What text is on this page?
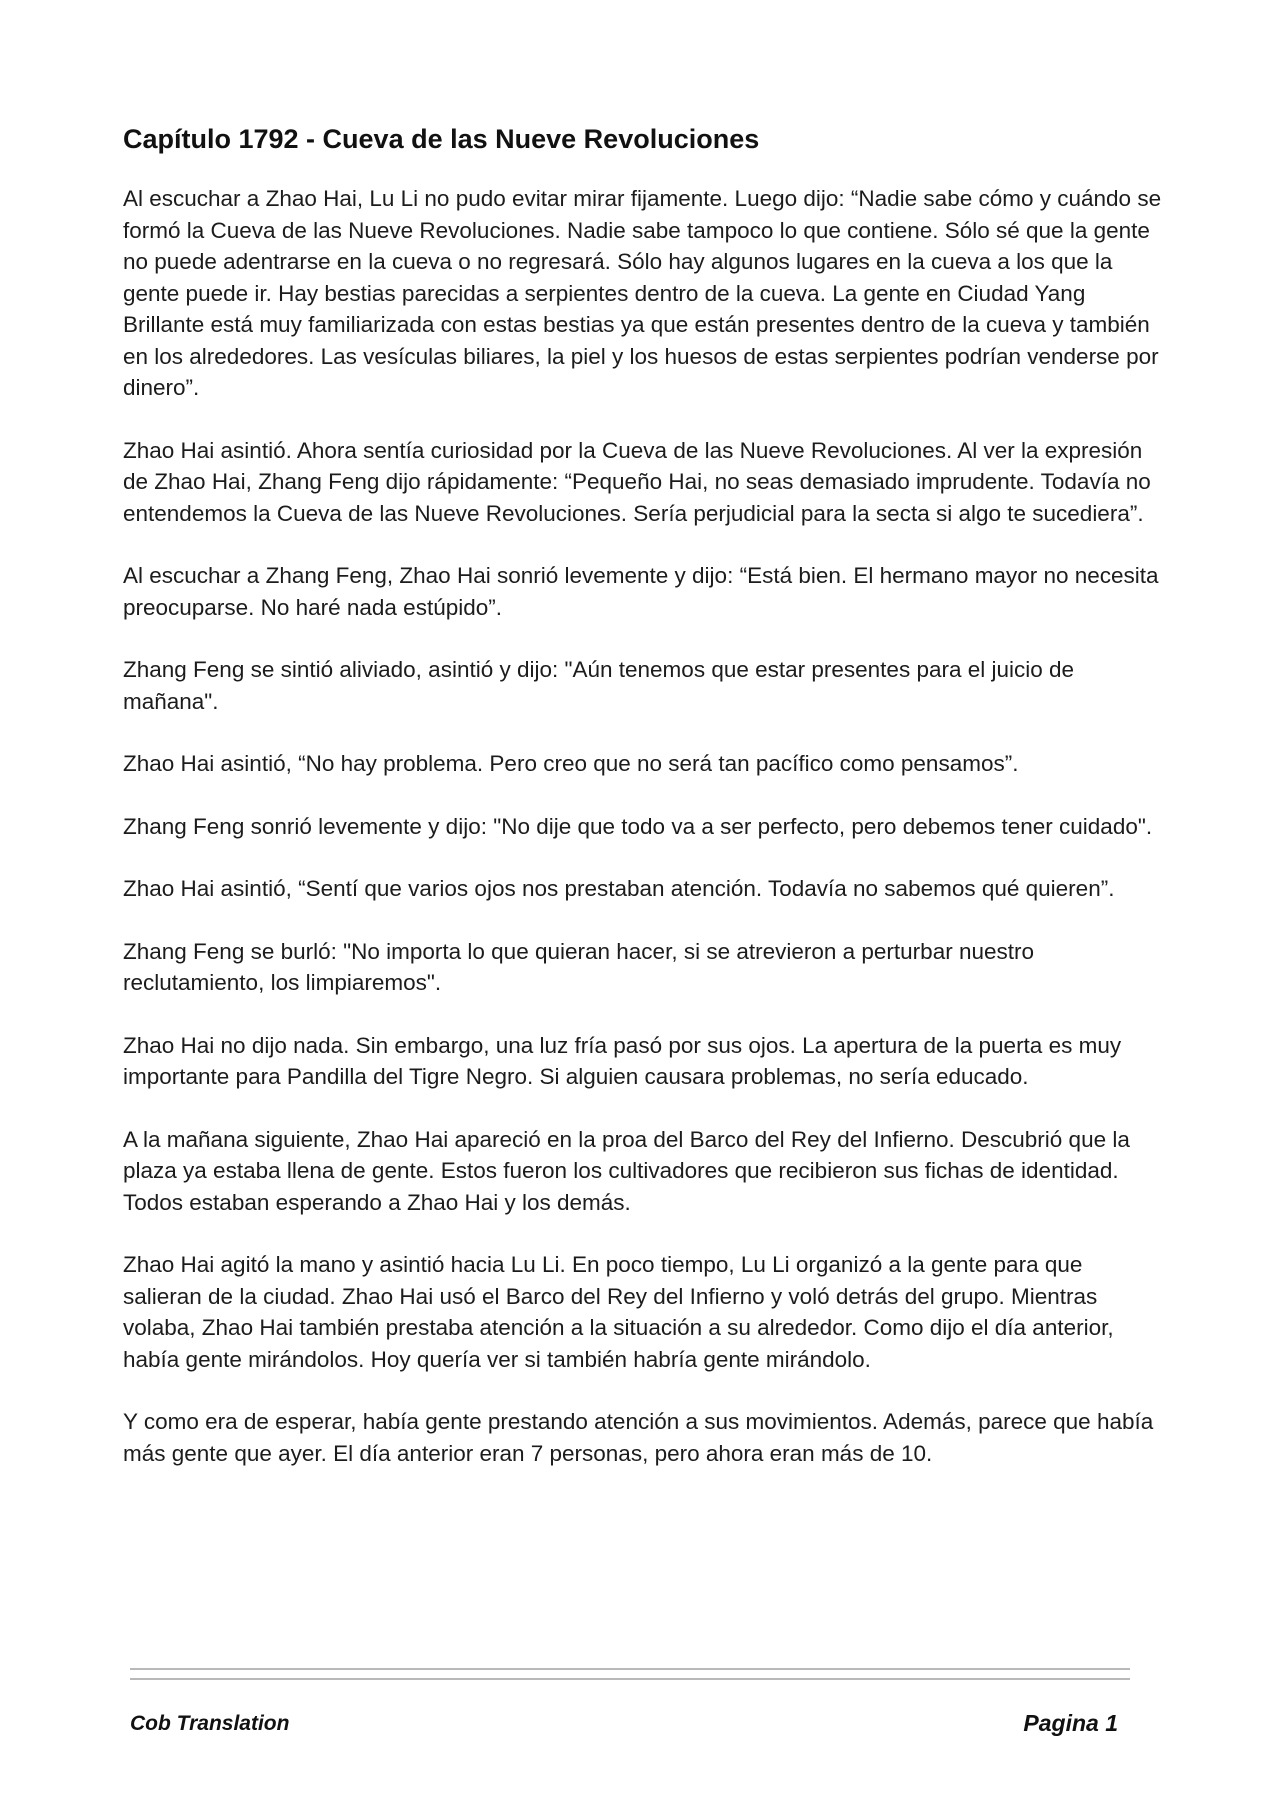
Capítulo 1792 - Cueva de las Nueve Revoluciones

Al escuchar a Zhao Hai, Lu Li no pudo evitar mirar fijamente. Luego dijo: “Nadie sabe cómo y cuándo se formó la Cueva de las Nueve Revoluciones. Nadie sabe tampoco lo que contiene. Sólo sé que la gente no puede adentrarse en la cueva o no regresará. Sólo hay algunos lugares en la cueva a los que la gente puede ir. Hay bestias parecidas a serpientes dentro de la cueva. La gente en Ciudad Yang Brillante está muy familiarizada con estas bestias ya que están presentes dentro de la cueva y también en los alrededores. Las vesículas biliares, la piel y los huesos de estas serpientes podrían venderse por dinero”.

Zhao Hai asintió. Ahora sentía curiosidad por la Cueva de las Nueve Revoluciones. Al ver la expresión de Zhao Hai, Zhang Feng dijo rápidamente: “Pequeño Hai, no seas demasiado imprudente. Todavía no entendemos la Cueva de las Nueve Revoluciones. Sería perjudicial para la secta si algo te sucediera”.

Al escuchar a Zhang Feng, Zhao Hai sonrió levemente y dijo: “Está bien. El hermano mayor no necesita preocuparse. No haré nada estúpido”.

Zhang Feng se sintió aliviado, asintió y dijo: "Aún tenemos que estar presentes para el juicio de mañana".

Zhao Hai asintió, “No hay problema. Pero creo que no será tan pacífico como pensamos”.

Zhang Feng sonrió levemente y dijo: "No dije que todo va a ser perfecto, pero debemos tener cuidado".

Zhao Hai asintió, “Sentí que varios ojos nos prestaban atención. Todavía no sabemos qué quieren”.

Zhang Feng se burló: "No importa lo que quieran hacer, si se atrevieron a perturbar nuestro reclutamiento, los limpiaremos".

Zhao Hai no dijo nada. Sin embargo, una luz fría pasó por sus ojos. La apertura de la puerta es muy importante para Pandilla del Tigre Negro. Si alguien causara problemas, no sería educado.

A la mañana siguiente, Zhao Hai apareció en la proa del Barco del Rey del Infierno. Descubrió que la plaza ya estaba llena de gente. Estos fueron los cultivadores que recibieron sus fichas de identidad. Todos estaban esperando a Zhao Hai y los demás.

Zhao Hai agitó la mano y asintió hacia Lu Li. En poco tiempo, Lu Li organizó a la gente para que salieran de la ciudad. Zhao Hai usó el Barco del Rey del Infierno y voló detrás del grupo. Mientras volaba, Zhao Hai también prestaba atención a la situación a su alrededor. Como dijo el día anterior, había gente mirándolos. Hoy quería ver si también habría gente mirándolo.

Y como era de esperar, había gente prestando atención a sus movimientos. Además, parece que había más gente que ayer. El día anterior eran 7 personas, pero ahora eran más de 10.

Cob Translation	Pagina 1
